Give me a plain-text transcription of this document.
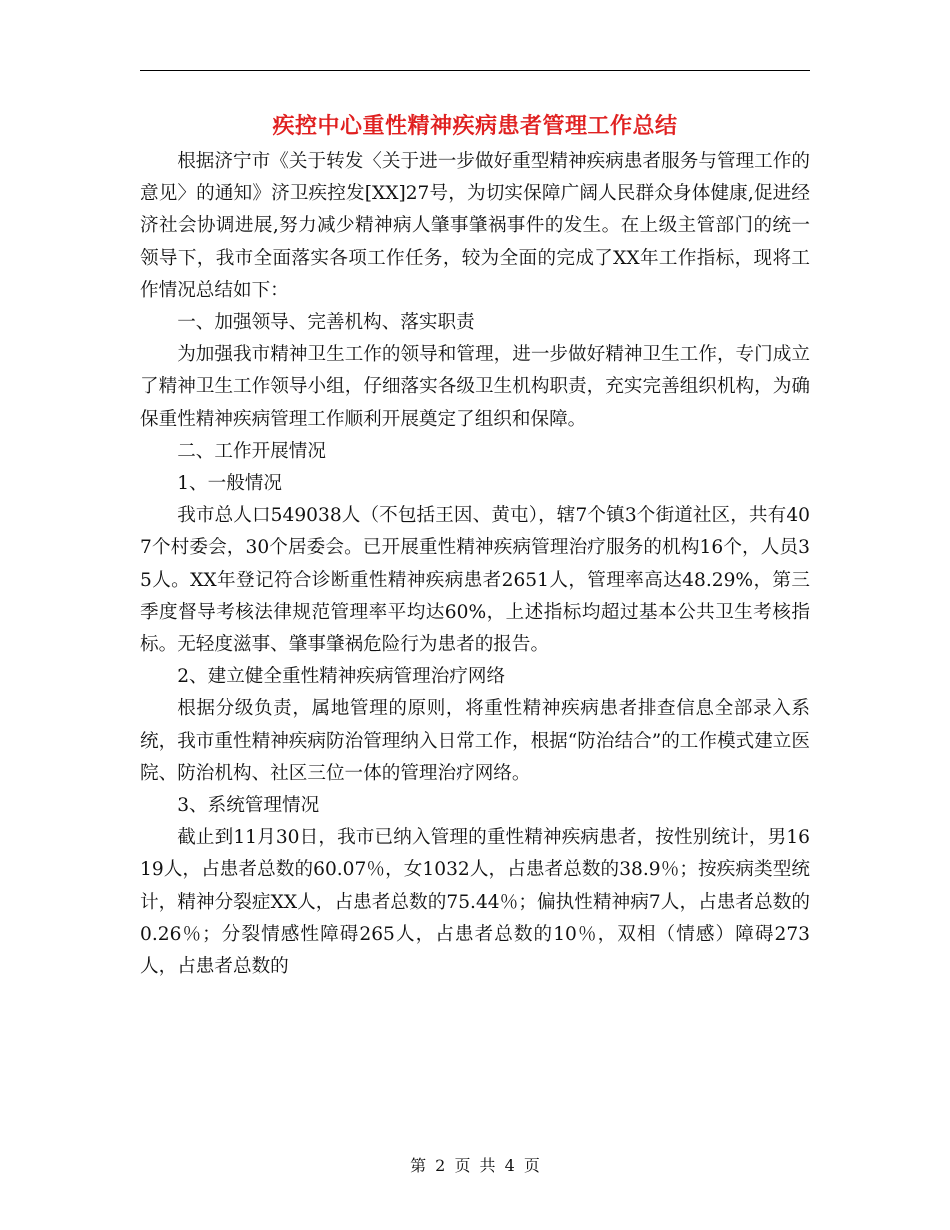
疾控中心重性精神疾病患者管理工作总结

根据济宁市《关于转发〈关于进一步做好重型精神疾病患者服务与管理工作的意见〉的通知》济卫疾控发[XX]27号，为切实保障广阔人民群众身体健康,促进经济社会协调进展,努力减少精神病人肇事肇祸事件的发生。在上级主管部门的统一领导下，我市全面落实各项工作任务，较为全面的完成了XX年工作指标，现将工作情况总结如下：

一、加强领导、完善机构、落实职责

为加强我市精神卫生工作的领导和管理，进一步做好精神卫生工作，专门成立了精神卫生工作领导小组，仔细落实各级卫生机构职责，充实完善组织机构，为确保重性精神疾病管理工作顺利开展奠定了组织和保障。

二、工作开展情况

1、一般情况

我市总人口549038人（不包括王因、黄屯），辖7个镇3个街道社区，共有407个村委会，30个居委会。已开展重性精神疾病管理治疗服务的机构16个，人员35人。XX年登记符合诊断重性精神疾病患者2651人，管理率高达48.29%，第三季度督导考核法律规范管理率平均达60%，上述指标均超过基本公共卫生考核指标。无轻度滋事、肇事肇祸危险行为患者的报告。

2、建立健全重性精神疾病管理治疗网络

根据分级负责，属地管理的原则，将重性精神疾病患者排查信息全部录入系统，我市重性精神疾病防治管理纳入日常工作，根据“防治结合”的工作模式建立医院、防治机构、社区三位一体的管理治疗网络。

3、系统管理情况

截止到11月30日，我市已纳入管理的重性精神疾病患者，按性别统计，男1619人，占患者总数的60.07％，女1032人，占患者总数的38.9％；按疾病类型统计，精神分裂症XX人，占患者总数的75.44％；偏执性精神病7人，占患者总数的0.26％；分裂情感性障碍265人，占患者总数的10％，双相（情感）障碍273人，占患者总数的

第 2 页 共 4 页
